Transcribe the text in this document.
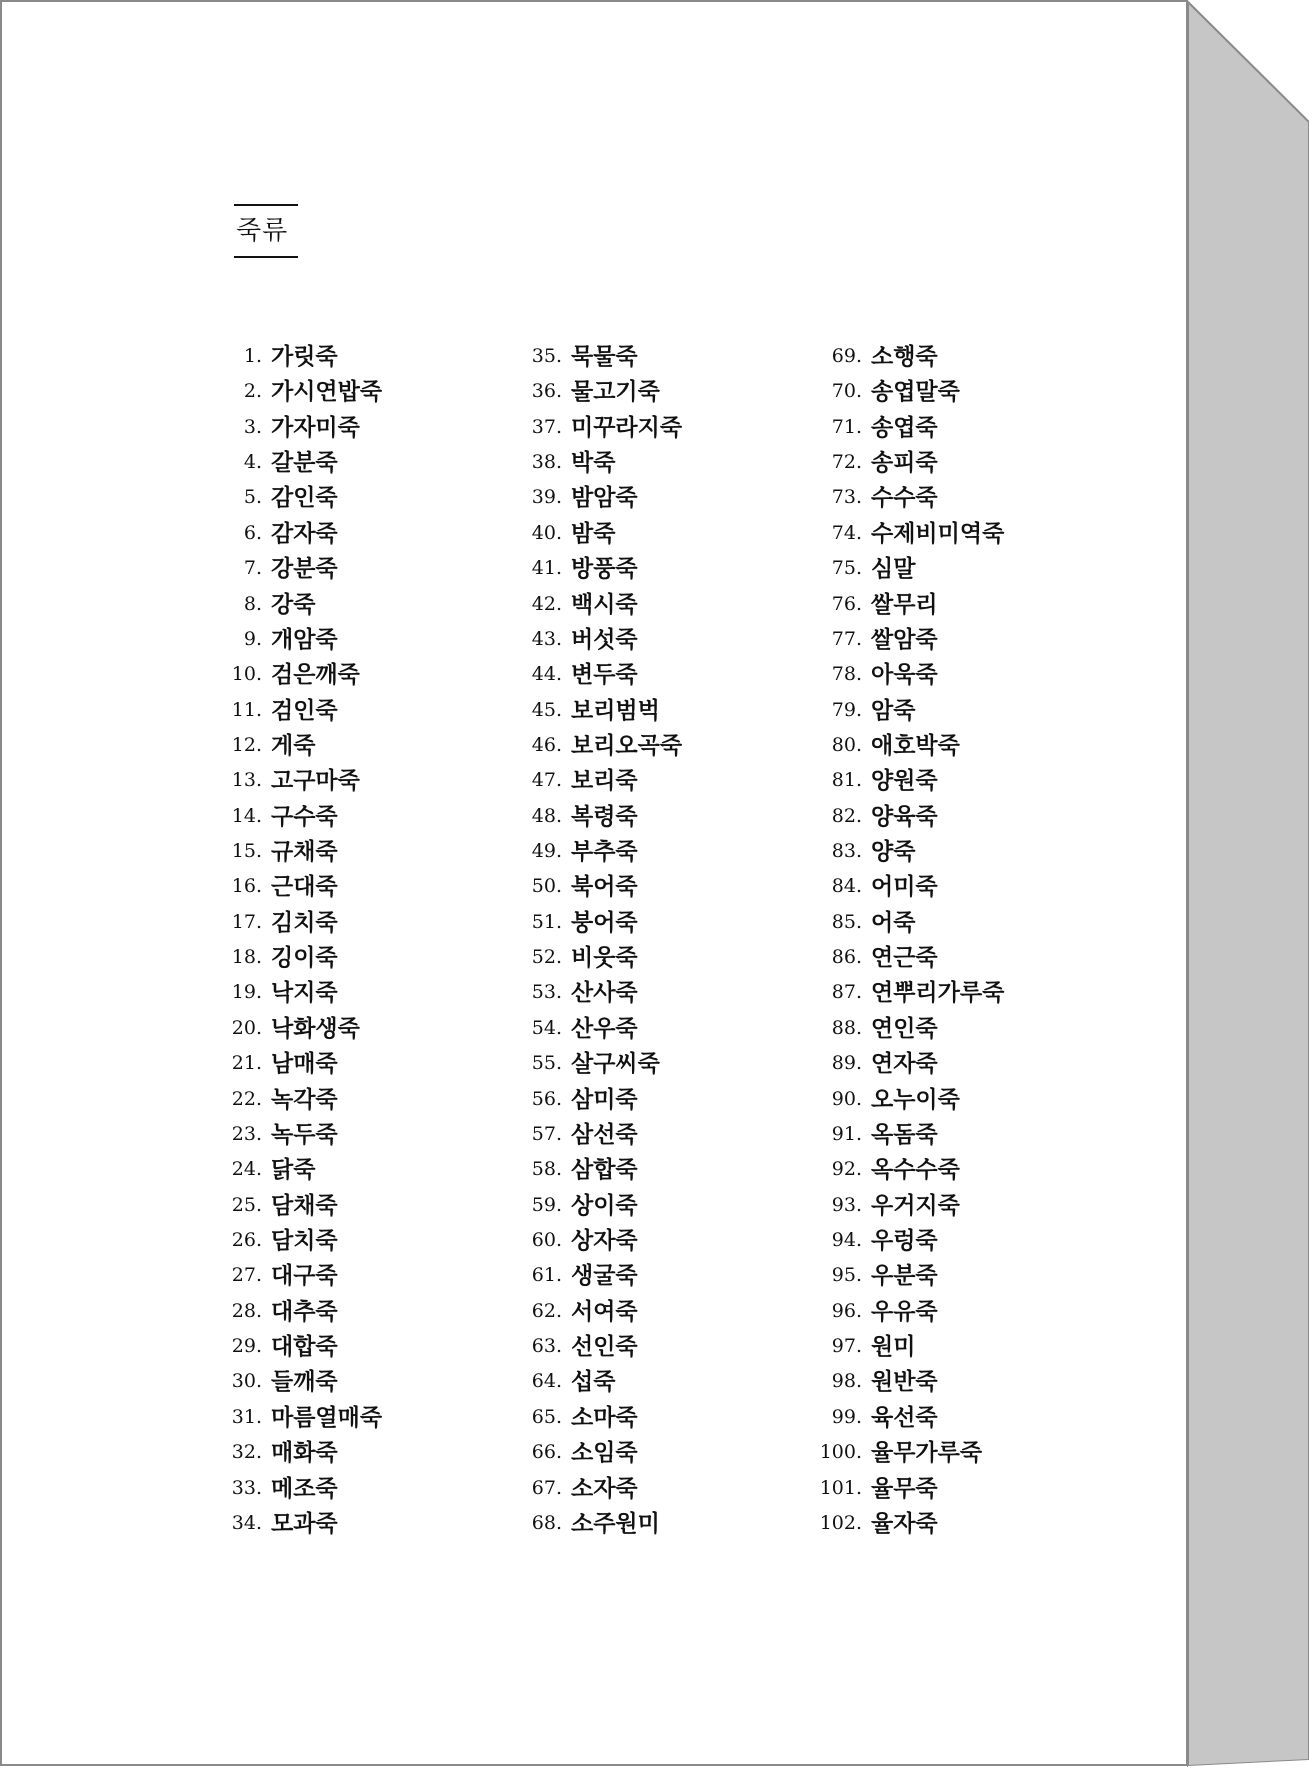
죽류
1. 가릿죽
2. 가시연밥죽
3. 가자미죽
4. 갈분죽
5. 감인죽
6. 감자죽
7. 강분죽
8. 강죽
9. 개암죽
10. 검은깨죽
11. 검인죽
12. 게죽
13. 고구마죽
14. 구수죽
15. 규채죽
16. 근대죽
17. 김치죽
18. 깅이죽
19. 낙지죽
20. 낙화생죽
21. 남매죽
22. 녹각죽
23. 녹두죽
24. 닭죽
25. 담채죽
26. 담치죽
27. 대구죽
28. 대추죽
29. 대합죽
30. 들깨죽
31. 마름열매죽
32. 매화죽
33. 메조죽
34. 모과죽
35. 묵물죽
36. 물고기죽
37. 미꾸라지죽
38. 박죽
39. 밤암죽
40. 밤죽
41. 방풍죽
42. 백시죽
43. 버섯죽
44. 변두죽
45. 보리범벅
46. 보리오곡죽
47. 보리죽
48. 복령죽
49. 부추죽
50. 북어죽
51. 붕어죽
52. 비웃죽
53. 산사죽
54. 산우죽
55. 살구씨죽
56. 삼미죽
57. 삼선죽
58. 삼합죽
59. 상이죽
60. 상자죽
61. 생굴죽
62. 서여죽
63. 선인죽
64. 섭죽
65. 소마죽
66. 소임죽
67. 소자죽
68. 소주원미
69. 소행죽
70. 송엽말죽
71. 송엽죽
72. 송피죽
73. 수수죽
74. 수제비미역죽
75. 심말
76. 쌀무리
77. 쌀암죽
78. 아욱죽
79. 암죽
80. 애호박죽
81. 양원죽
82. 양육죽
83. 양죽
84. 어미죽
85. 어죽
86. 연근죽
87. 연뿌리가루죽
88. 연인죽
89. 연자죽
90. 오누이죽
91. 옥돔죽
92. 옥수수죽
93. 우거지죽
94. 우렁죽
95. 우분죽
96. 우유죽
97. 원미
98. 원반죽
99. 육선죽
100. 율무가루죽
101. 율무죽
102. 율자죽
